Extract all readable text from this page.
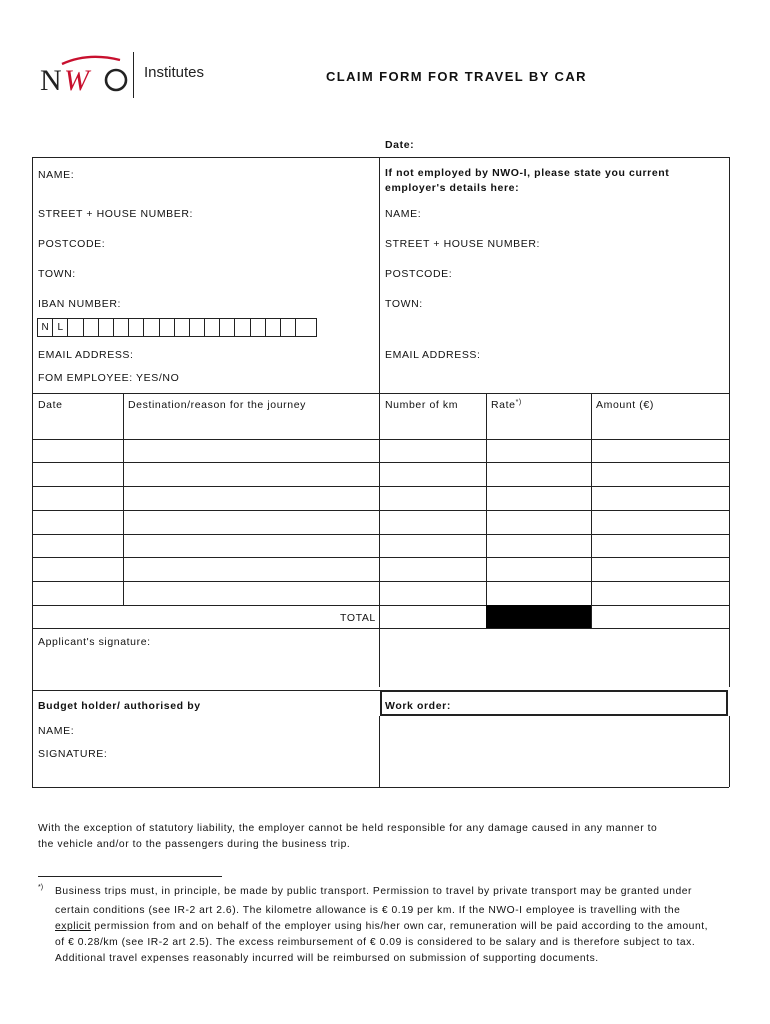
N W	Institutes	CLAIM FORM FOR TRAVEL BY CAR
Date:
NAME:
STREET + HOUSE NUMBER:
POSTCODE:
TOWN:
IBAN NUMBER:
N L
EMAIL ADDRESS:
FOM EMPLOYEE: YES/NO
If not employed by NWO-I, please state you current
employer's details here:
NAME:
STREET + HOUSE NUMBER:
POSTCODE:
TOWN:
EMAIL ADDRESS:
Date	Destination/reason for the journey	Number of km	Rate*)	Amount (€)
TOTAL
Applicant's signature:
Budget holder/ authorised by	Work order:
NAME:
SIGNATURE:
With the exception of statutory liability, the employer cannot be held responsible for any damage caused in any manner to
the vehicle and/or to the passengers during the business trip.
*) Business trips must, in principle, be made by public transport. Permission to travel by private transport may be granted under
certain conditions (see IR-2 art 2.6). The kilometre allowance is € 0.19 per km. If the NWO-I employee is travelling with the
explicit permission from and on behalf of the employer using his/her own car, remuneration will be paid according to the amount,
of € 0.28/km (see IR-2 art 2.5). The excess reimbursement of € 0.09 is considered to be salary and is therefore subject to tax.
Additional travel expenses reasonably incurred will be reimbursed on submission of supporting documents.
